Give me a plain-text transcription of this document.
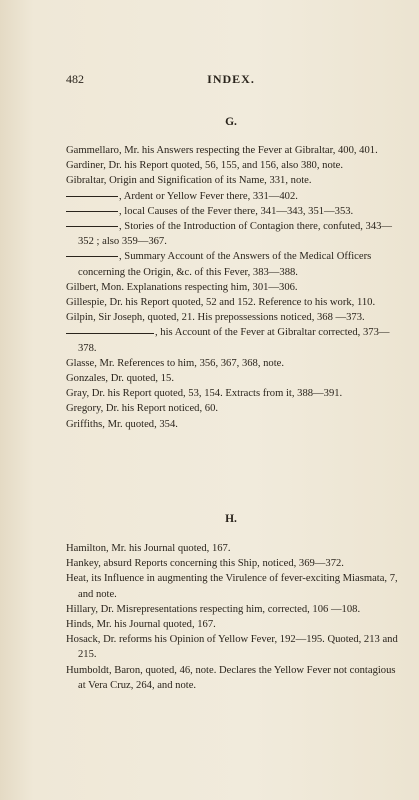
482	INDEX.
G.
Gammellaro, Mr. his Answers respecting the Fever at Gibraltar, 400, 401.
Gardiner, Dr. his Report quoted, 56, 155, and 156, also 380, note.
Gibraltar, Origin and Signification of its Name, 331, note.
, Ardent or Yellow Fever there, 331—402.
, local Causes of the Fever there, 341—343, 351—353.
, Stories of the Introduction of Contagion there, confuted, 343—352 ; also 359—367.
, Summary Account of the Answers of the Medical Officers concerning the Origin, &c. of this Fever, 383—388.
Gilbert, Mon. Explanations respecting him, 301—306.
Gillespie, Dr. his Report quoted, 52 and 152. Reference to his work, 110.
Gilpin, Sir Joseph, quoted, 21. His prepossessions noticed, 368 —373.
, his Account of the Fever at Gibraltar corrected, 373—378.
Glasse, Mr. References to him, 356, 367, 368, note.
Gonzales, Dr. quoted, 15.
Gray, Dr. his Report quoted, 53, 154. Extracts from it, 388—391.
Gregory, Dr. his Report noticed, 60.
Griffiths, Mr. quoted, 354.
H.
Hamilton, Mr. his Journal quoted, 167.
Hankey, absurd Reports concerning this Ship, noticed, 369—372.
Heat, its Influence in augmenting the Virulence of fever-exciting Miasmata, 7, and note.
Hillary, Dr. Misrepresentations respecting him, corrected, 106 —108.
Hinds, Mr. his Journal quoted, 167.
Hosack, Dr. reforms his Opinion of Yellow Fever, 192—195. Quoted, 213 and 215.
Humboldt, Baron, quoted, 46, note. Declares the Yellow Fever not contagious at Vera Cruz, 264, and note.
